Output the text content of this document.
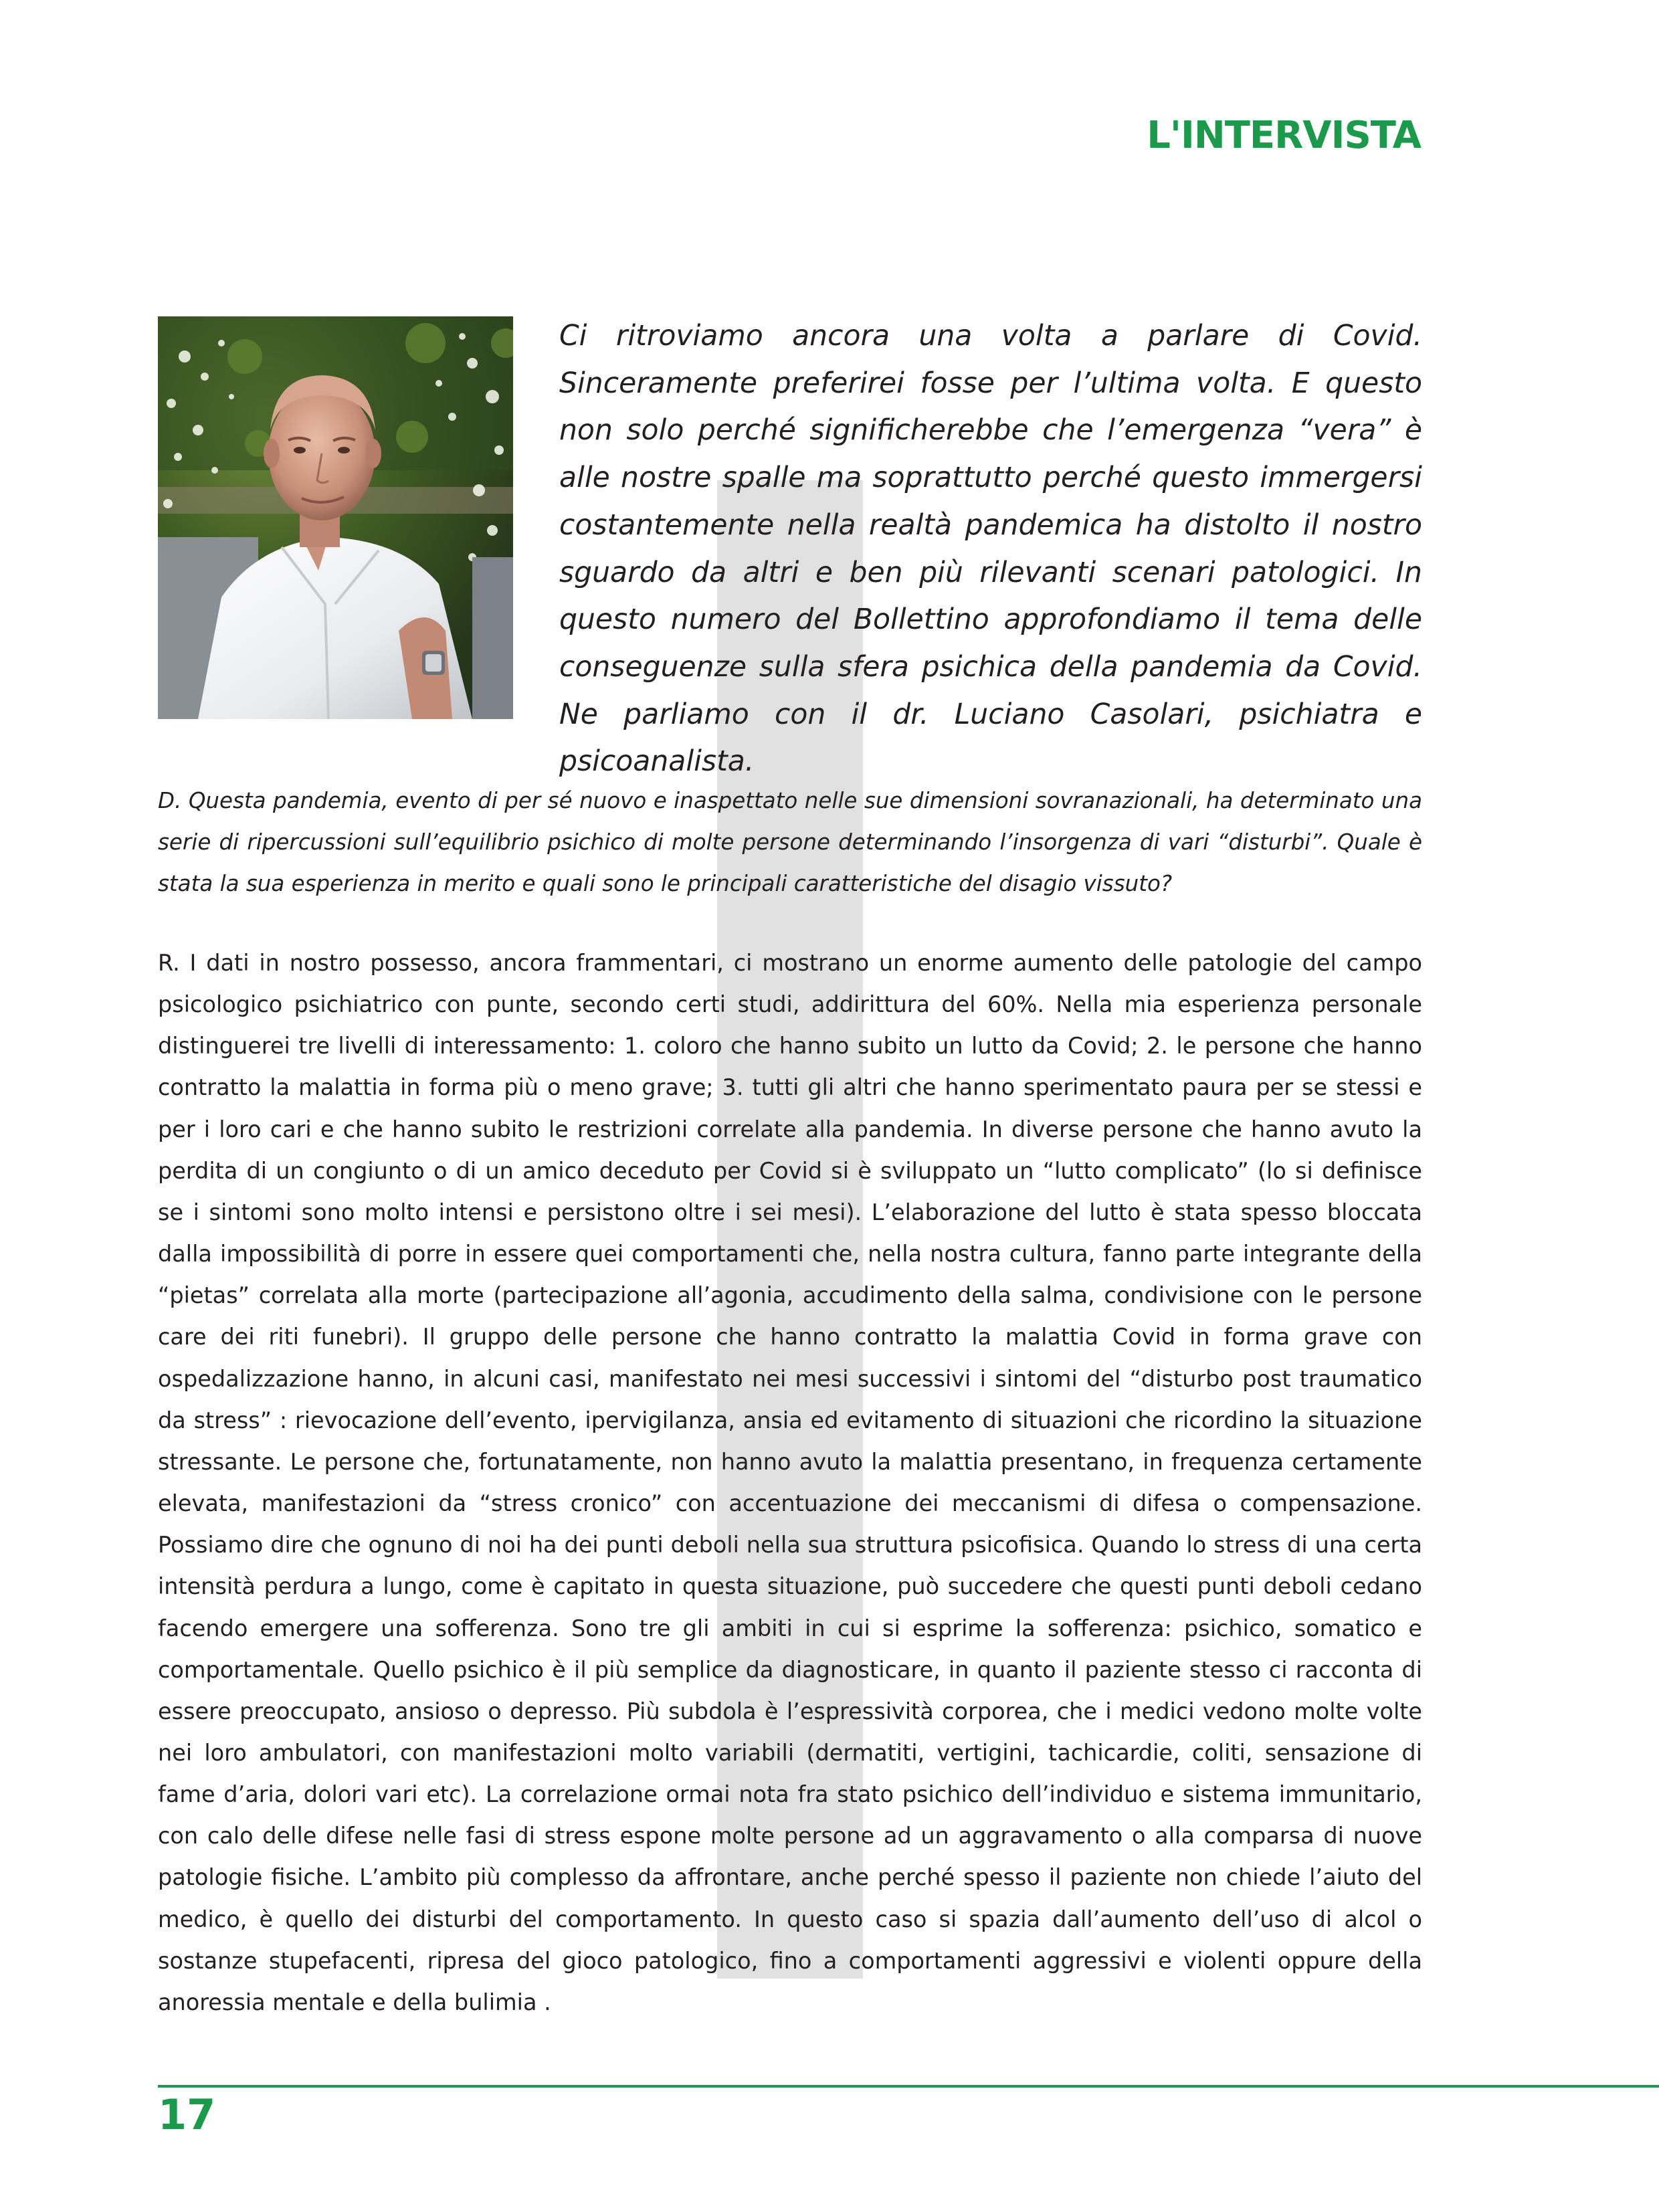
L'INTERVISTA

Ci ritroviamo ancora una volta a parlare di Covid. Sinceramente preferirei fosse per l’ultima volta. E questo non solo perché significherebbe che l’emergenza “vera” è alle nostre spalle ma soprattutto perché questo immergersi costantemente nella realtà pandemica ha distolto il nostro sguardo da altri e ben più rilevanti scenari patologici. In questo numero del Bollettino approfondiamo il tema delle conseguenze sulla sfera psichica della pandemia da Covid. Ne parliamo con il dr. Luciano Casolari, psichiatra e psicoanalista.

D. Questa pandemia, evento di per sé nuovo e inaspettato nelle sue dimensioni sovranazionali, ha determinato una serie di ripercussioni sull’equilibrio psichico di molte persone determinando l’insorgenza di vari “disturbi”. Quale è stata la sua esperienza in merito e quali sono le principali caratteristiche del disagio vissuto?

R. I dati in nostro possesso, ancora frammentari, ci mostrano un enorme aumento delle patologie del campo psicologico psichiatrico con punte, secondo certi studi, addirittura del 60%. Nella mia esperienza personale distinguerei tre livelli di interessamento: 1. coloro che hanno subito un lutto da Covid; 2. le persone che hanno contratto la malattia in forma più o meno grave; 3. tutti gli altri che hanno sperimentato paura per se stessi e per i loro cari e che hanno subito le restrizioni correlate alla pandemia. In diverse persone che hanno avuto la perdita di un congiunto o di un amico deceduto per Covid si è sviluppato un “lutto complicato” (lo si definisce se i sintomi sono molto intensi e persistono oltre i sei mesi). L’elaborazione del lutto è stata spesso bloccata dalla impossibilità di porre in essere quei comportamenti che, nella nostra cultura, fanno parte integrante della “pietas” correlata alla morte (partecipazione all’agonia, accudimento della salma, condivisione con le persone care dei riti funebri). Il gruppo delle persone che hanno contratto la malattia Covid in forma grave con ospedalizzazione hanno, in alcuni casi, manifestato nei mesi successivi i sintomi del “disturbo post traumatico da stress” : rievocazione dell’evento, ipervigilanza, ansia ed evitamento di situazioni che ricordino la situazione stressante. Le persone che, fortunatamente, non hanno avuto la malattia presentano, in frequenza certamente elevata, manifestazioni da “stress cronico” con accentuazione dei meccanismi di difesa o compensazione. Possiamo dire che ognuno di noi ha dei punti deboli nella sua struttura psicofisica. Quando lo stress di una certa intensità perdura a lungo, come è capitato in questa situazione, può succedere che questi punti deboli cedano facendo emergere una sofferenza. Sono tre gli ambiti in cui si esprime la sofferenza: psichico, somatico e comportamentale. Quello psichico è il più semplice da diagnosticare, in quanto il paziente stesso ci racconta di essere preoccupato, ansioso o depresso. Più subdola è l’espressività corporea, che i medici vedono molte volte nei loro ambulatori, con manifestazioni molto variabili (dermatiti, vertigini, tachicardie, coliti, sensazione di fame d’aria, dolori vari etc). La correlazione ormai nota fra stato psichico dell’individuo e sistema immunitario, con calo delle difese nelle fasi di stress espone molte persone ad un aggravamento o alla comparsa di nuove patologie fisiche. L’ambito più complesso da affrontare, anche perché spesso il paziente non chiede l’aiuto del medico, è quello dei disturbi del comportamento. In questo caso si spazia dall’aumento dell’uso di alcol o sostanze stupefacenti, ripresa del gioco patologico, fino a comportamenti aggressivi e violenti oppure della anoressia mentale e della bulimia .

17
